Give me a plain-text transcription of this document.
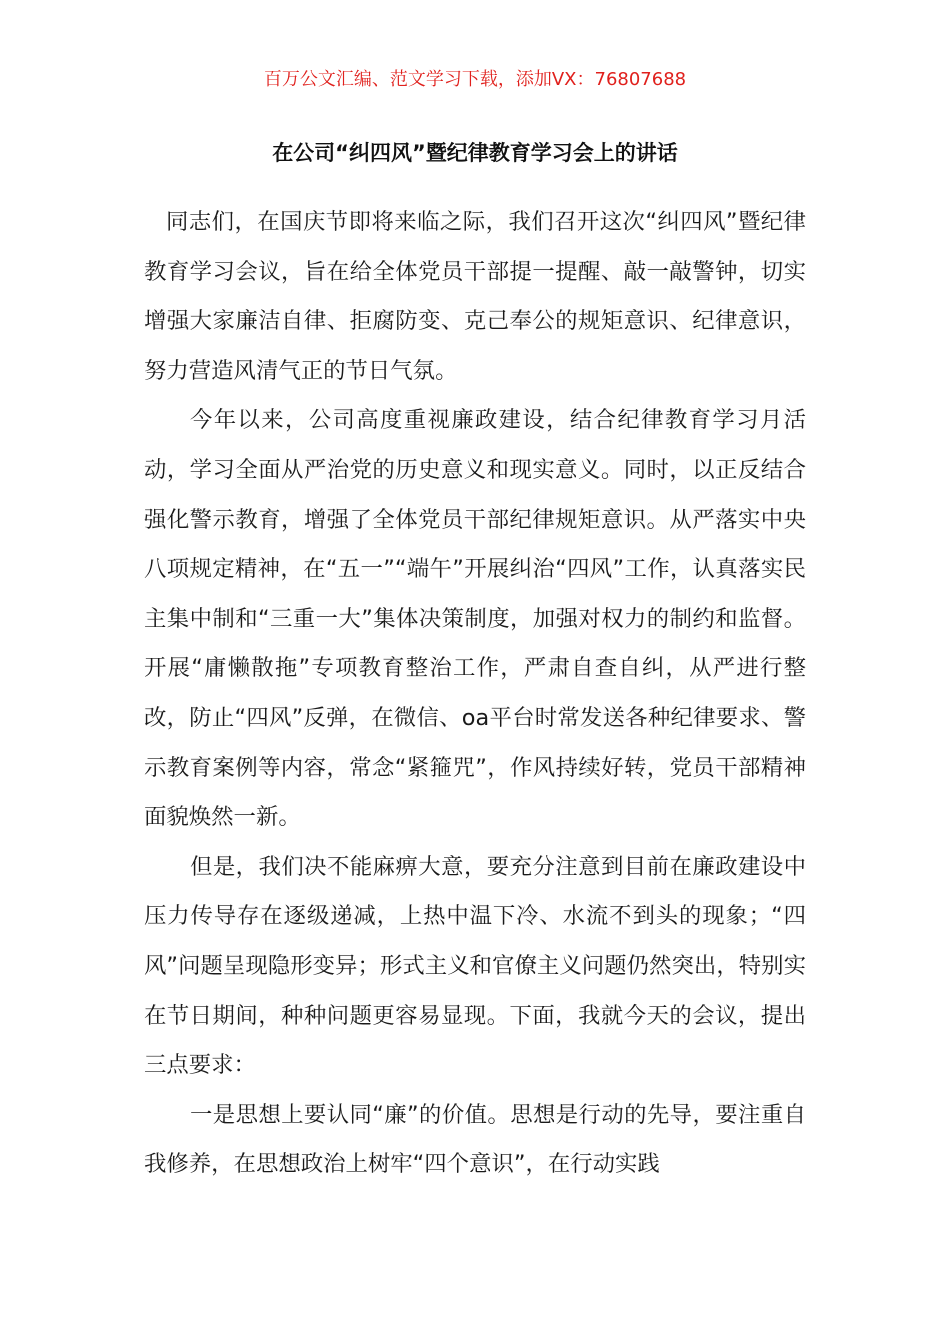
百万公文汇编、范文学习下载，添加VX：76807688
在公司“纠四风”暨纪律教育学习会上的讲话

同志们，在国庆节即将来临之际，我们召开这次“纠四风”暨纪律教育学习会议，旨在给全体党员干部提一提醒、敲一敲警钟，切实增强大家廉洁自律、拒腐防变、克己奉公的规矩意识、纪律意识，努力营造风清气正的节日气氛。

今年以来，公司高度重视廉政建设，结合纪律教育学习月活动，学习全面从严治党的历史意义和现实意义。同时，以正反结合强化警示教育，增强了全体党员干部纪律规矩意识。从严落实中央八项规定精神，在“五一”“端午”开展纠治“四风”工作，认真落实民主集中制和“三重一大”集体决策制度，加强对权力的制约和监督。开展“庸懒散拖”专项教育整治工作，严肃自查自纠，从严进行整改，防止“四风”反弹，在微信、oa平台时常发送各种纪律要求、警示教育案例等内容，常念“紧箍咒”，作风持续好转，党员干部精神面貌焕然一新。

但是，我们决不能麻痹大意，要充分注意到目前在廉政建设中压力传导存在逐级递减，上热中温下冷、水流不到头的现象；“四风”问题呈现隐形变异；形式主义和官僚主义问题仍然突出，特别实在节日期间，种种问题更容易显现。下面，我就今天的会议，提出三点要求：

一是思想上要认同“廉”的价值。思想是行动的先导，要注重自我修养，在思想政治上树牢“四个意识”，在行动实践
